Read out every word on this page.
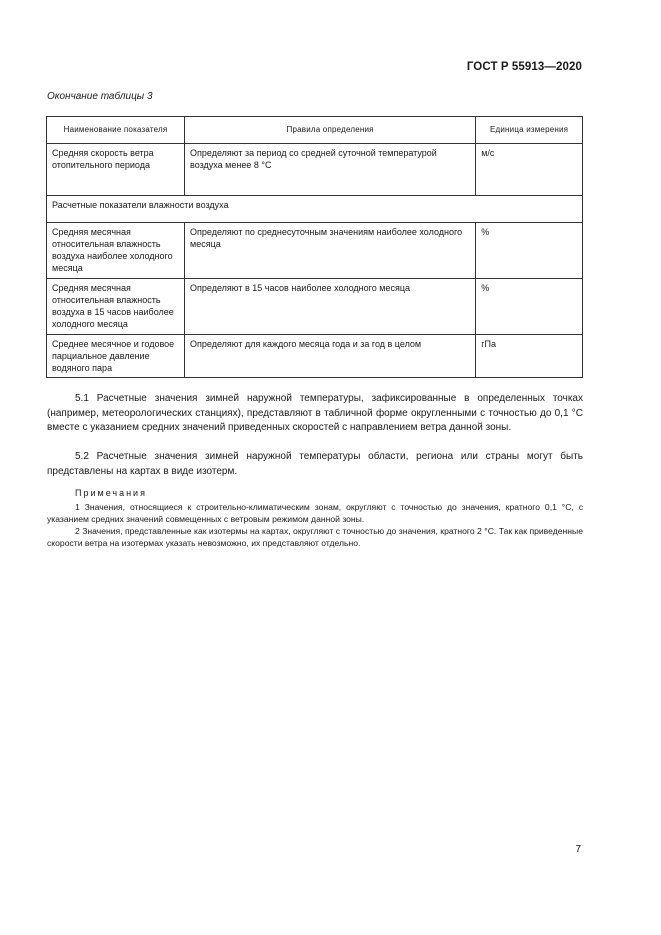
ГОСТ Р 55913—2020
Окончание таблицы 3
Наименование показателя	Правила определения	Единица измерения
Средняя скорость ветра отопительного периода	Определяют за период со средней суточной температурой воздуха менее 8 °С	м/с
Расчетные показатели влажности воздуха		
Средняя месячная относительная влажность воздуха наиболее холодного месяца	Определяют по среднесуточным значениям наиболее холодного месяца	%
Средняя месячная относительная влажность воздуха в 15 часов наиболее холодного месяца	Определяют в 15 часов наиболее холодного месяца	%
Среднее месячное и годовое парциальное давление водяного пара	Определяют для каждого месяца года и за год в целом	гПа
5.1 Расчетные значения зимней наружной температуры, зафиксированные в определенных точках (например, метеорологических станциях), представляют в табличной форме округленными с точностью до 0,1 °С вместе с указанием средних значений приведенных скоростей с направлением ветра данной зоны.
5.2 Расчетные значения зимней наружной температуры области, региона или страны могут быть представлены на картах в виде изотерм.
Примечания
1 Значения, относящиеся к строительно-климатическим зонам, округляют с точностью до значения, кратного 0,1 °С, с указанием средних значений совмещенных с ветровым режимом данной зоны.
2 Значения, представленные как изотермы на картах, округляют с точностью до значения, кратного 2 °С. Так как приведенные скорости ветра на изотермах указать невозможно, их представляют отдельно.
7
